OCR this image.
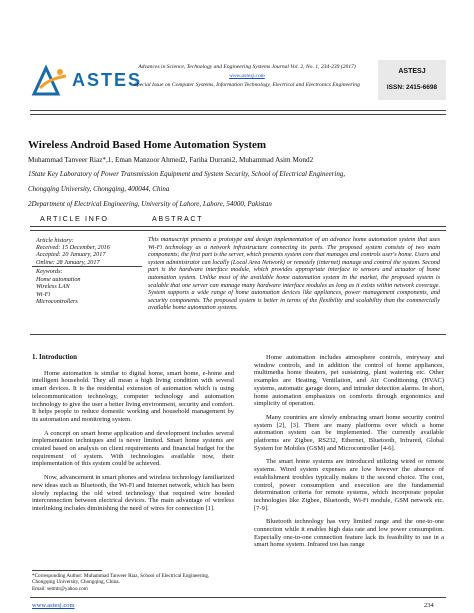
ASTES
Advances in Science, Technology and Engineering Systems Journal Vol. 2, No. 1, 234-239 (2017)
www.astesj.com
Special Issue on Computer Systems, Information Technology, Electrical and Electronics Engineering
ASTESJ
ISSN: 2415-6698
Wireless Android Based Home Automation System
Muhammad Tanveer Riaz*,1, Eman Manzoor Ahmed2, Fariha Durrani2, Muhammad Asim Mond2
1State Key Laboratory of Power Transmission Equipment and System Security, School of Electrical Engineering,
Chongqing University, Chongqing, 400044, China
2Department of Electrical Engineering, University of Lahore, Lahore, 54000, Pakistan
ARTICLE INFO	ABSTRACT
Article history:
Received: 15 December, 2016
Accepted: 20 January, 2017
Online: 28 January, 2017
Keywords:
Home automation
Wireless LAN
Wi-Fi
Microcontrollers
This manuscript presents a prototype and design implementation of an advance home automation system that uses Wi-Fi technology as a network infrastructure connecting its parts. The proposed system consists of two main components; the first part is the server, which presents system core that manages and controls user's home. Users and system administrator can locally (Local Area Network) or remotely (internet) manage and control the system. Second part is the hardware interface module, which provides appropriate interface to sensors and actuator of home automation system. Unlike most of the available home automation system in the market, the proposed system is scalable that one server can manage many hardware interface modules as long as it exists within network coverage. System supports a wide range of home automation devices like appliances, power management components, and security components. The proposed system is better in terms of the flexibility and scalability than the commercially available home automation systems.
1. Introduction

Home automation is similar to digital home, smart home, e-home and intelligent household. They all mean a high living condition with several smart devices. It is the residential extension of automation which is using telecommunication technology, computer technology and automation technology to give the user a better living environment, security and comfort. It helps people to reduce domestic working and household management by its automation and monitoring system.

A concept on smart home application and development includes several implementation techniques and is never limited. Smart home systems are created based on analysis on client requirements and financial budget for the requirement of system. With technologies available now, their implementation of this system could be achieved.

Now, advancement in smart phones and wireless technology familiarized new ideas such as Bluetooth, the Wi-Fi and Internet network, which has been slowly replacing the old wired technology that required wire bonded interconnection between electrical devices. The main advantage of wireless interlinking includes diminishing the need of wires for connection [1].

Home automation includes atmosphere controls, entryway and window controls, and in addition the control of home appliances, multimedia home theaters, pet sustaining, plant watering etc. Other examples are Heating, Ventilation, and Air Conditioning (HVAC) systems, automatic garage doors, and intruder detection alarms. In short, home automation emphasizes on comforts through ergonomics and simplicity of operation.

Many countries are slowly embracing smart home security control system [2], [3]. There are many platforms over which a home automation system can be implemented. The currently available platforms are Zigbee, RS232, Ethernet, Bluetooth, Infrared, Global System for Mobiles (GSM) and Microcontroller [4-6].

The smart home systems are introduced utilizing wired or remote systems. Wired system expenses are low however the absence of establishment troubles typically makes it the second choice. The cost, control, power consumption and execution are the fundamental determination criteria for remote systems, which incorporate popular technologies like Zigbee, Bluetooth, Wi-Fi module, GSM network etc. [7-9].

Bluetooth technology has very limited range and the one-to-one connection while it enables high data rate and low power consumption. Especially one-to-one connection feature lack its feasibility to use in a smart home system. Infrared too has range

*Corresponding Author: Muhammad Tanveer Riaz, School of Electrical Engineering, Chongqing University, Chongqing, China.
Email: setmtr@yahoo.com
www.astesj.com	234
